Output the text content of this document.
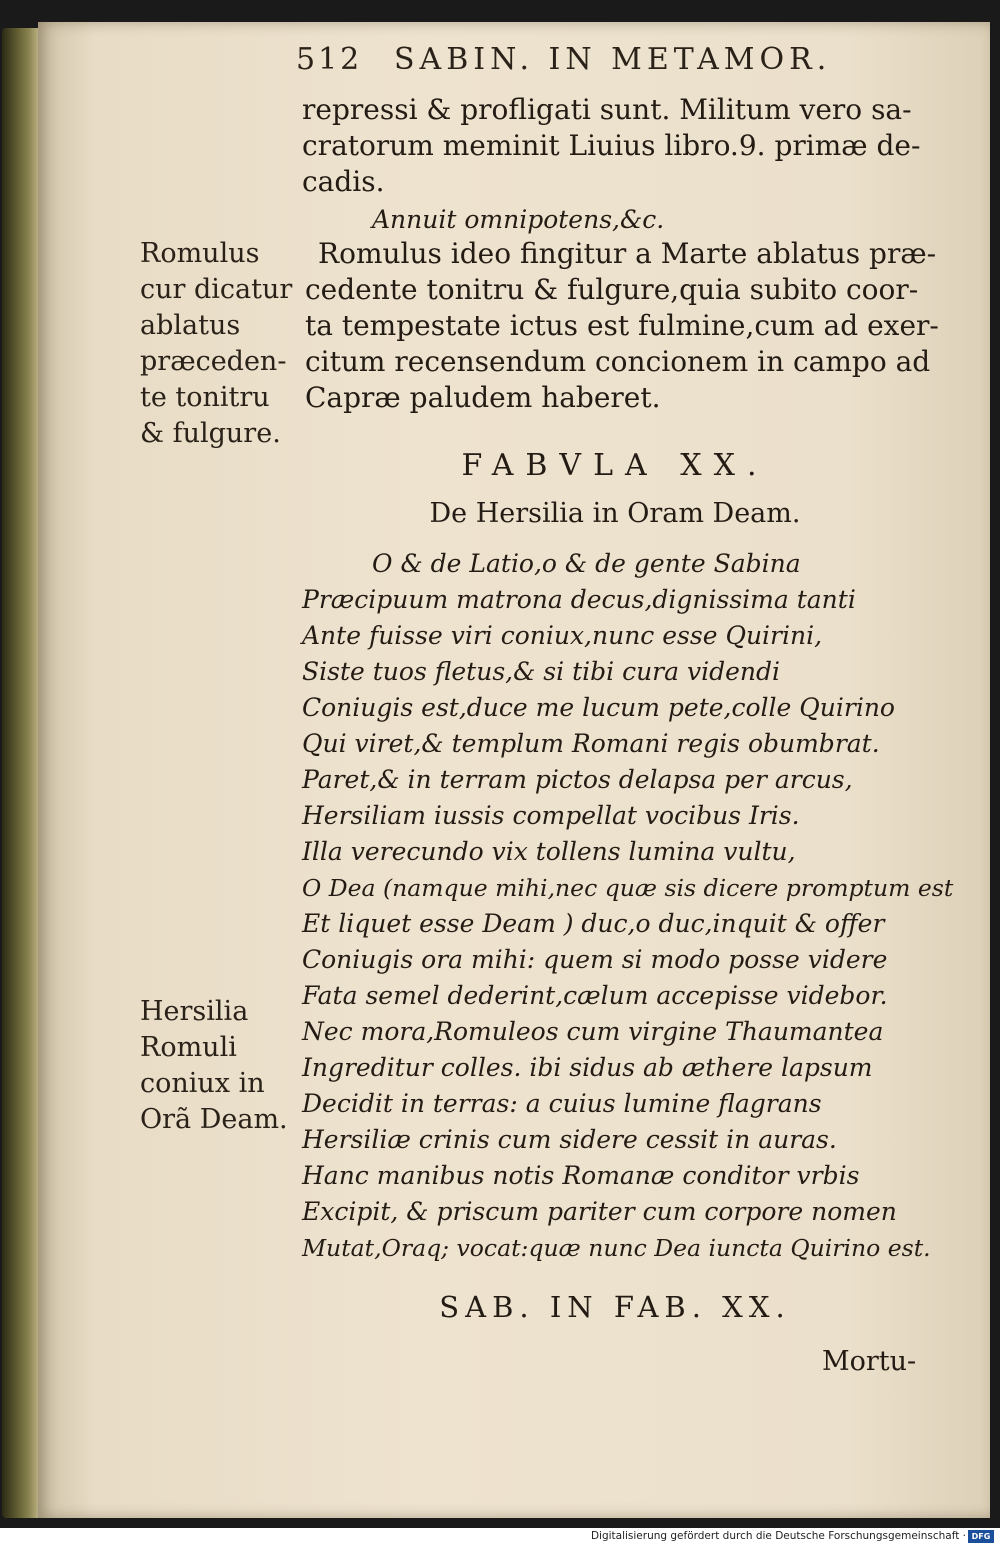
512 SABIN. IN METAMOR.
repressi & profligati sunt. Militum vero sa-
cratorum meminit Liuius libro.9. primæ de-
cadis.
Annuit omnipotens,&c.
Romulus ideo fingitur a Marte ablatus præ-
cedente tonitru & fulgure,quia subito coor-
ta tempestate ictus est fulmine,cum ad exer-
citum recensendum concionem in campo ad
Capræ paludem haberet.
Romulus
cur dicatur
ablatus
præceden-
te tonitru
& fulgure.
FABVLA XX.
De Hersilia in Oram Deam.
O & de Latio,o & de gente Sabina
Præcipuum matrona decus,dignissima tanti
Ante fuisse viri coniux,nunc esse Quirini,
Siste tuos fletus,& si tibi cura videndi
Coniugis est,duce me lucum pete,colle Quirino
Qui viret,& templum Romani regis obumbrat.
Paret,& in terram pictos delapsa per arcus,
Hersiliam iussis compellat vocibus Iris.
Illa verecundo vix tollens lumina vultu,
O Dea (namque mihi,nec quæ sis dicere promptum est
Et liquet esse Deam ) duc,o duc,inquit & offer
Coniugis ora mihi: quem si modo posse videre
Fata semel dederint,cælum accepisse videbor.
Nec mora,Romuleos cum virgine Thaumantea
Ingreditur colles. ibi sidus ab æthere lapsum
Decidit in terras: a cuius lumine flagrans
Hersiliæ crinis cum sidere cessit in auras.
Hanc manibus notis Romanæ conditor vrbis
Excipit, & priscum pariter cum corpore nomen
Mutat,Oraq; vocat:quæ nunc Dea iuncta Quirino est.
Hersilia
Romuli
coniux in
Orã Deam.
SAB. IN FAB. XX.
Mortu-
Digitalisierung gefördert durch die Deutsche Forschungsgemeinschaft · DFG
